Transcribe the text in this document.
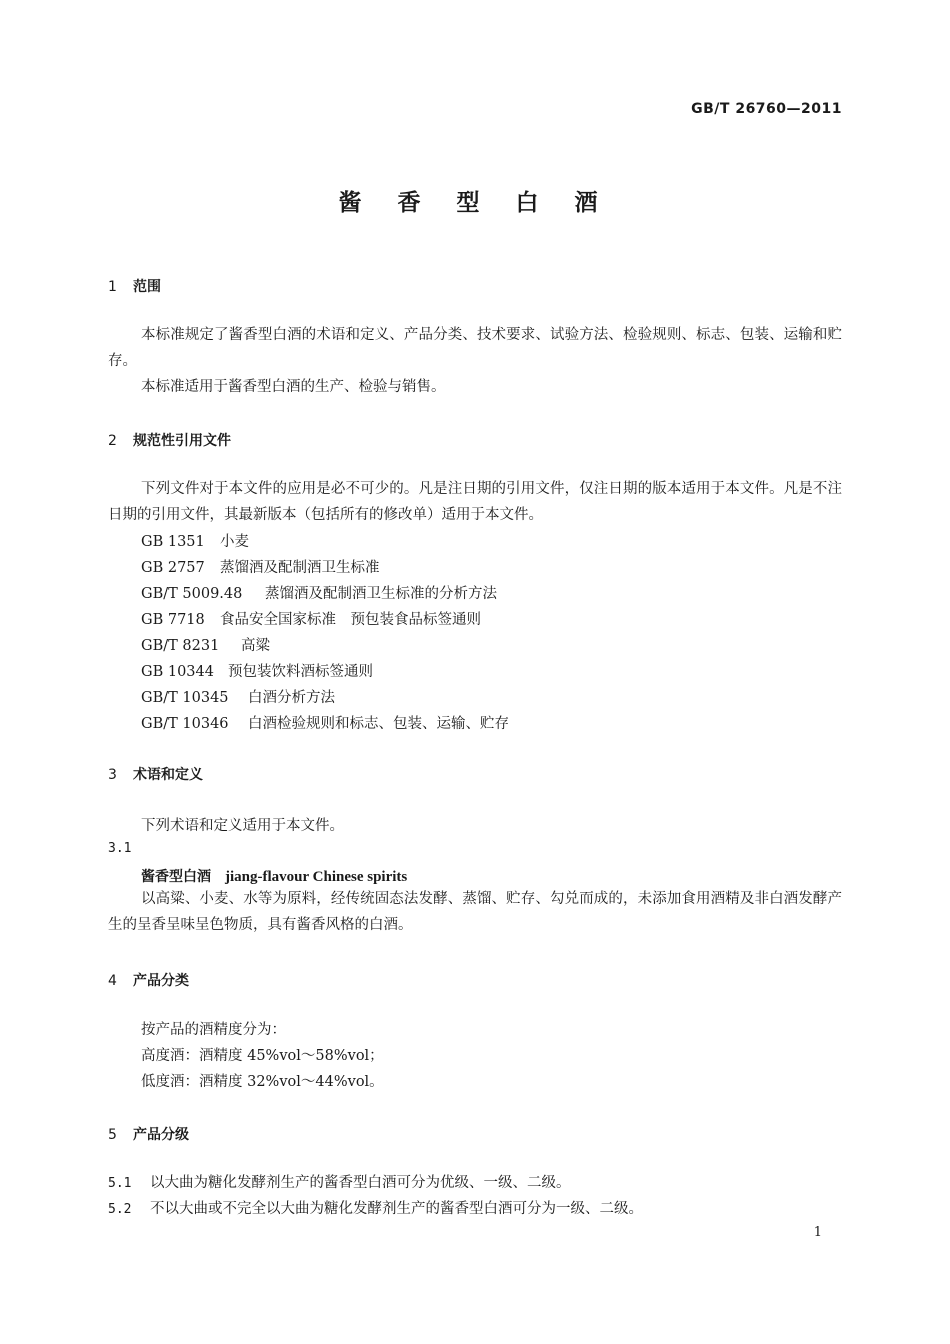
GB/T 26760—2011
酱 香 型 白 酒
1 范围
本标准规定了酱香型白酒的术语和定义、产品分类、技术要求、试验方法、检验规则、标志、包装、运输和贮存。
本标准适用于酱香型白酒的生产、检验与销售。
2 规范性引用文件
下列文件对于本文件的应用是必不可少的。凡是注日期的引用文件，仅注日期的版本适用于本文件。凡是不注日期的引用文件，其最新版本（包括所有的修改单）适用于本文件。
GB 1351 小麦
GB 2757 蒸馏酒及配制酒卫生标准
GB/T 5009.48 蒸馏酒及配制酒卫生标准的分析方法
GB 7718 食品安全国家标准　预包装食品标签通则
GB/T 8231 高粱
GB 10344 预包装饮料酒标签通则
GB/T 10345 白酒分析方法
GB/T 10346 白酒检验规则和标志、包装、运输、贮存
3 术语和定义
下列术语和定义适用于本文件。
3.1
酱香型白酒 jiang-flavour Chinese spirits
以高粱、小麦、水等为原料，经传统固态法发酵、蒸馏、贮存、勾兑而成的，未添加食用酒精及非白酒发酵产生的呈香呈味呈色物质，具有酱香风格的白酒。
4 产品分类
按产品的酒精度分为：
高度酒：酒精度 45%vol～58%vol；
低度酒：酒精度 32%vol～44%vol。
5 产品分级
5.1 以大曲为糖化发酵剂生产的酱香型白酒可分为优级、一级、二级。
5.2 不以大曲或不完全以大曲为糖化发酵剂生产的酱香型白酒可分为一级、二级。
1
